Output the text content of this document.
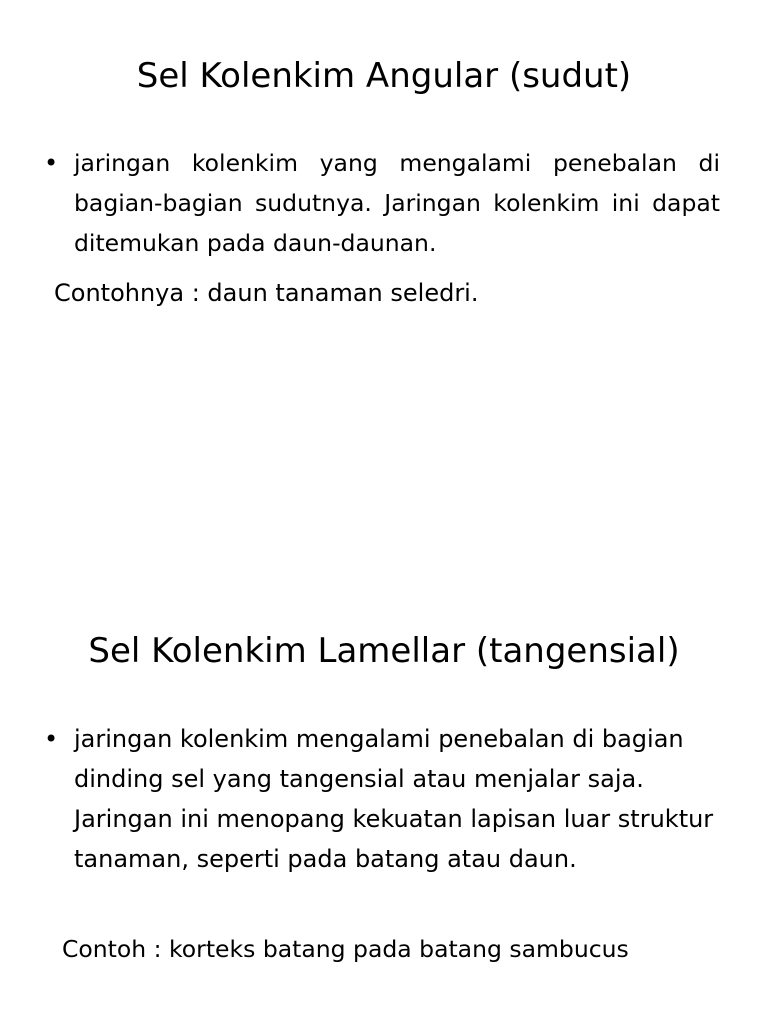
Sel Kolenkim Angular (sudut)
• jaringan kolenkim yang mengalami penebalan di bagian-bagian sudutnya. Jaringan kolenkim ini dapat ditemukan pada daun-daunan.
Contohnya : daun tanaman seledri.
Sel Kolenkim Lamellar (tangensial)
• jaringan kolenkim mengalami penebalan di bagian dinding sel yang tangensial atau menjalar saja. Jaringan ini menopang kekuatan lapisan luar struktur tanaman, seperti pada batang atau daun.
Contoh : korteks batang pada batang sambucus
